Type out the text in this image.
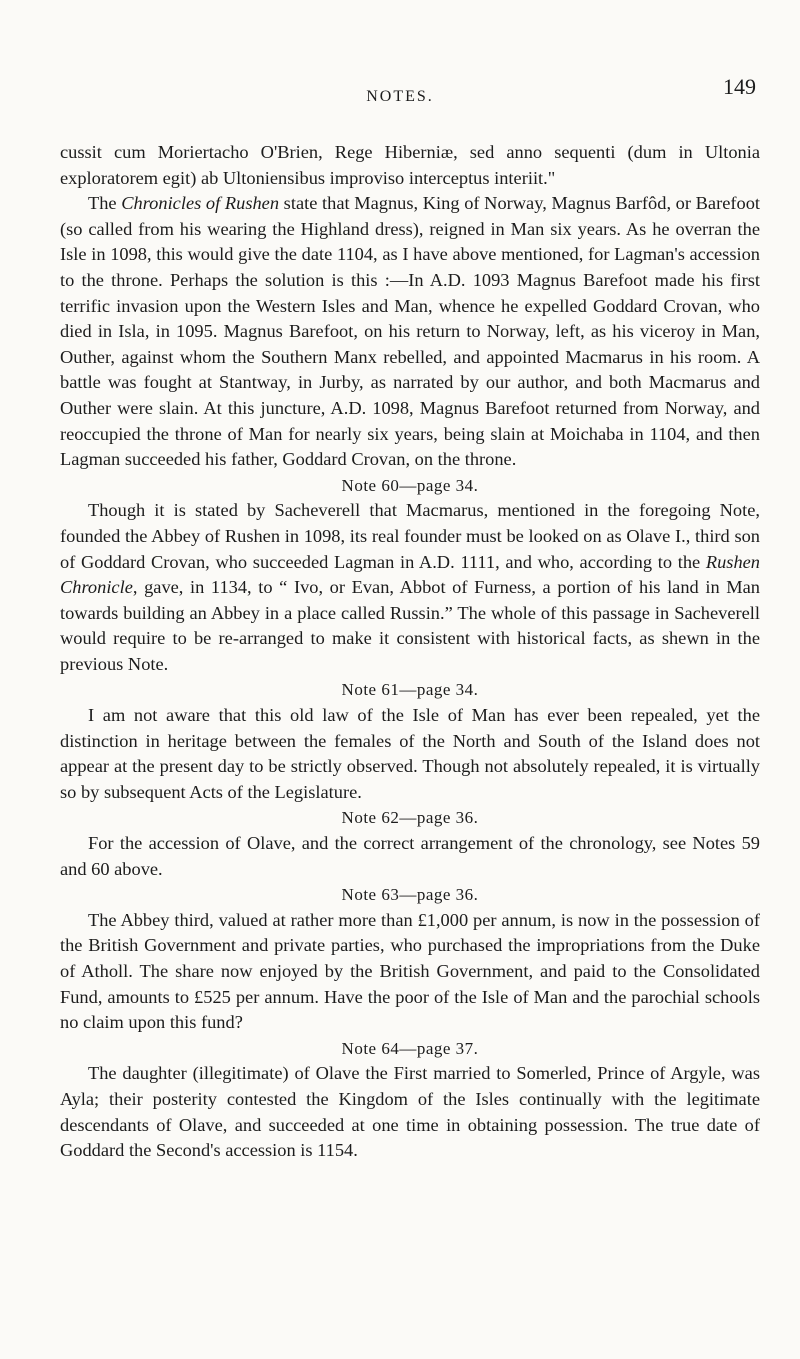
NOTES.	149

cussit cum Moriertacho O'Brien, Rege Hiberniæ, sed anno sequenti (dum in Ultonia exploratorem egit) ab Ultoniensibus improviso interceptus interiit."

The Chronicles of Rushen state that Magnus, King of Norway, Magnus Barfôd, or Barefoot (so called from his wearing the Highland dress), reigned in Man six years. As he overran the Isle in 1098, this would give the date 1104, as I have above mentioned, for Lagman's accession to the throne. Perhaps the solution is this :—In A.D. 1093 Magnus Barefoot made his first terrific invasion upon the Western Isles and Man, whence he expelled Goddard Crovan, who died in Isla, in 1095. Magnus Barefoot, on his return to Norway, left, as his viceroy in Man, Outher, against whom the Southern Manx rebelled, and appointed Macmarus in his room. A battle was fought at Stantway, in Jurby, as narrated by our author, and both Macmarus and Outher were slain. At this juncture, A.D. 1098, Magnus Barefoot returned from Norway, and reoccupied the throne of Man for nearly six years, being slain at Moichaba in 1104, and then Lagman succeeded his father, Goddard Crovan, on the throne.

Note 60—page 34.

Though it is stated by Sacheverell that Macmarus, mentioned in the foregoing Note, founded the Abbey of Rushen in 1098, its real founder must be looked on as Olave I., third son of Goddard Crovan, who succeeded Lagman in A.D. 1111, and who, according to the Rushen Chronicle, gave, in 1134, to “ Ivo, or Evan, Abbot of Furness, a portion of his land in Man towards building an Abbey in a place called Russin.” The whole of this passage in Sacheverell would require to be re-arranged to make it consistent with historical facts, as shewn in the previous Note.

Note 61—page 34.

I am not aware that this old law of the Isle of Man has ever been repealed, yet the distinction in heritage between the females of the North and South of the Island does not appear at the present day to be strictly observed. Though not absolutely repealed, it is virtually so by subsequent Acts of the Legislature.

Note 62—page 36.

For the accession of Olave, and the correct arrangement of the chronology, see Notes 59 and 60 above.

Note 63—page 36.

The Abbey third, valued at rather more than £1,000 per annum, is now in the possession of the British Government and private parties, who purchased the impropriations from the Duke of Atholl. The share now enjoyed by the British Government, and paid to the Consolidated Fund, amounts to £525 per annum. Have the poor of the Isle of Man and the parochial schools no claim upon this fund?

Note 64—page 37.

The daughter (illegitimate) of Olave the First married to Somerled, Prince of Argyle, was Ayla; their posterity contested the Kingdom of the Isles continually with the legitimate descendants of Olave, and succeeded at one time in obtaining possession. The true date of Goddard the Second's accession is 1154.
